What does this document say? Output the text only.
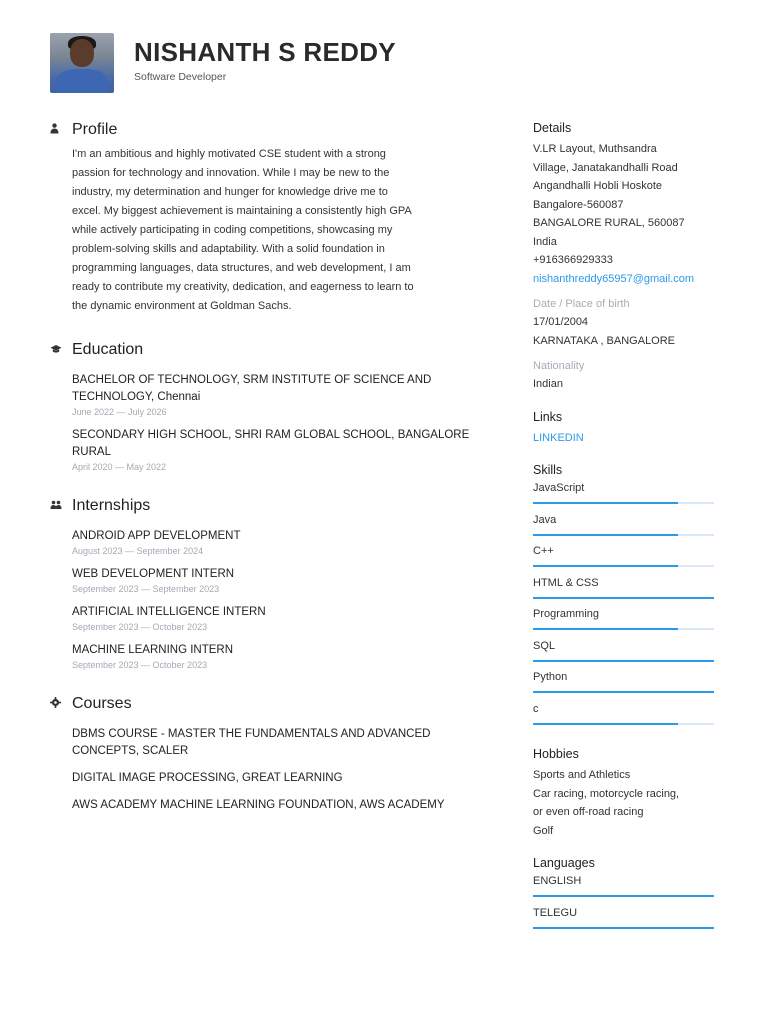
NISHANTH S REDDY
Software Developer
Profile
I'm an ambitious and highly motivated CSE student with a strong
passion for technology and innovation. While I may be new to the
industry, my determination and hunger for knowledge drive me to
excel. My biggest achievement is maintaining a consistently high GPA
while actively participating in coding competitions, showcasing my
problem-solving skills and adaptability. With a solid foundation in
programming languages, data structures, and web development, I am
ready to contribute my creativity, dedication, and eagerness to learn to
the dynamic environment at Goldman Sachs.
Education
BACHELOR OF TECHNOLOGY, SRM INSTITUTE OF SCIENCE AND TECHNOLOGY, Chennai
June 2022 — July 2026
SECONDARY HIGH SCHOOL, SHRI RAM GLOBAL SCHOOL, BANGALORE RURAL
April 2020 — May 2022
Internships
ANDROID APP DEVELOPMENT
August 2023 — September 2024
WEB DEVELOPMENT INTERN
September 2023 — September 2023
ARTIFICIAL INTELLIGENCE INTERN
September 2023 — October 2023
MACHINE LEARNING INTERN
September 2023 — October 2023
Courses
DBMS COURSE - MASTER THE FUNDAMENTALS AND ADVANCED CONCEPTS, SCALER
DIGITAL IMAGE PROCESSING, GREAT LEARNING
AWS ACADEMY MACHINE LEARNING FOUNDATION, AWS ACADEMY
Details
V.LR Layout, Muthsandra
Village, Janatakandhalli Road
Angandhalli Hobli Hoskote
Bangalore-560087
BANGALORE RURAL, 560087
India
+916366929333
nishanthreddy65957@gmail.com
Date / Place of birth
17/01/2004
KARNATAKA , BANGALORE
Nationality
Indian
Links
LINKEDIN
Skills
JavaScript
Java
C++
HTML & CSS
Programming
SQL
Python
c
Hobbies
Sports and Athletics
Car racing, motorcycle racing,
or even off-road racing
Golf
Languages
ENGLISH
TELEGU
